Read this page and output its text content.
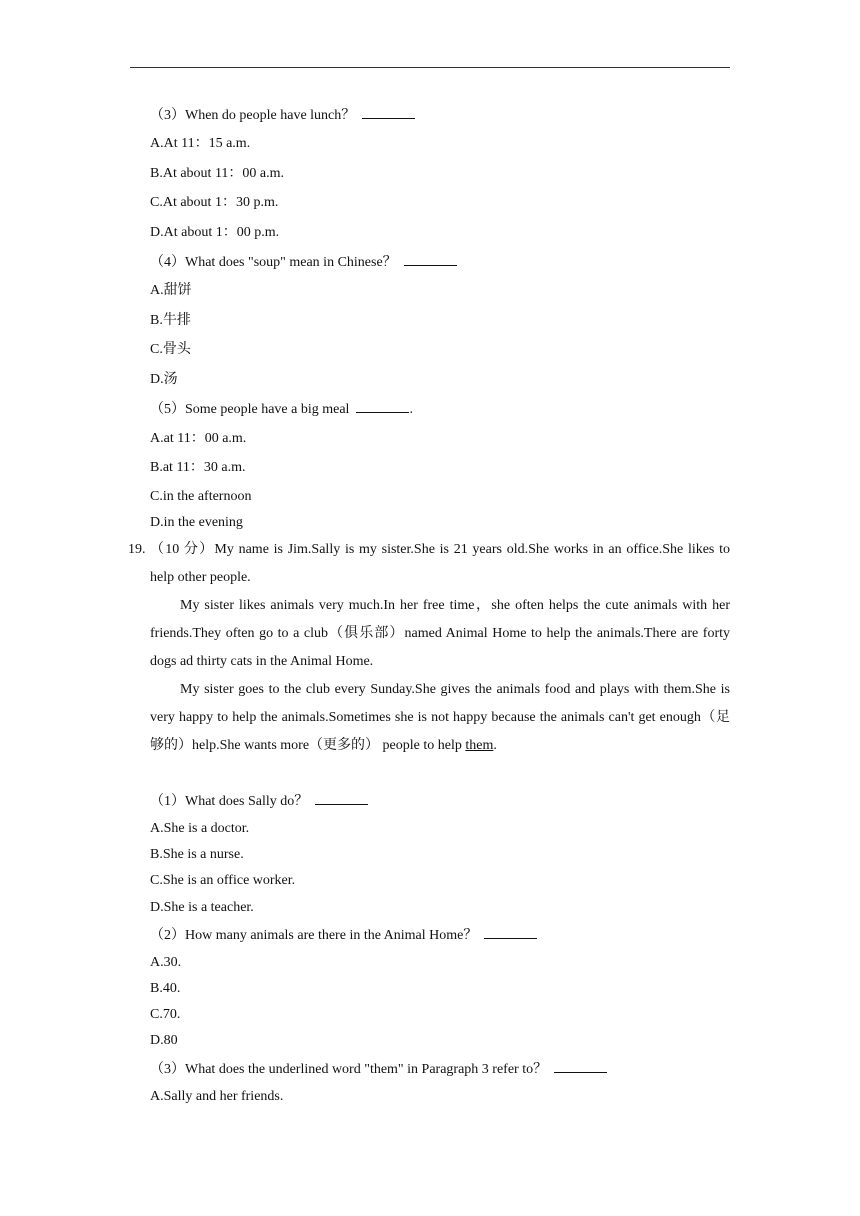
（3）When do people have lunch？
A.At 11：15 a.m.
B.At about 11：00 a.m.
C.At about 1：30 p.m.
D.At about 1：00 p.m.
（4）What does "soup" mean in Chinese？
A.甜饼
B.牛排
C.骨头
D.汤
（5）Some people have a big meal	.
A.at 11：00 a.m.
B.at 11：30 a.m.
C.in the afternoon
D.in the evening
19. （10 分）My name is Jim.Sally is my sister.She is 21 years old.She works in an office.She likes to help other people.
My sister likes animals very much.In her free time，she often helps the cute animals with her friends.They often go to a club（俱乐部）named Animal Home to help the animals.There are forty dogs ad thirty cats in the Animal Home.
My sister goes to the club every Sunday.She gives the animals food and plays with them.She is very happy to help the animals.Sometimes she is not happy because the animals can't get enough（足够的）help.She wants more（更多的） people to help them.
（1）What does Sally do？
A.She is a doctor.
B.She is a nurse.
C.She is an office worker.
D.She is a teacher.
（2）How many animals are there in the Animal Home？
A.30.
B.40.
C.70.
D.80
（3）What does the underlined word "them" in Paragraph 3 refer to？
A.Sally and her friends.
